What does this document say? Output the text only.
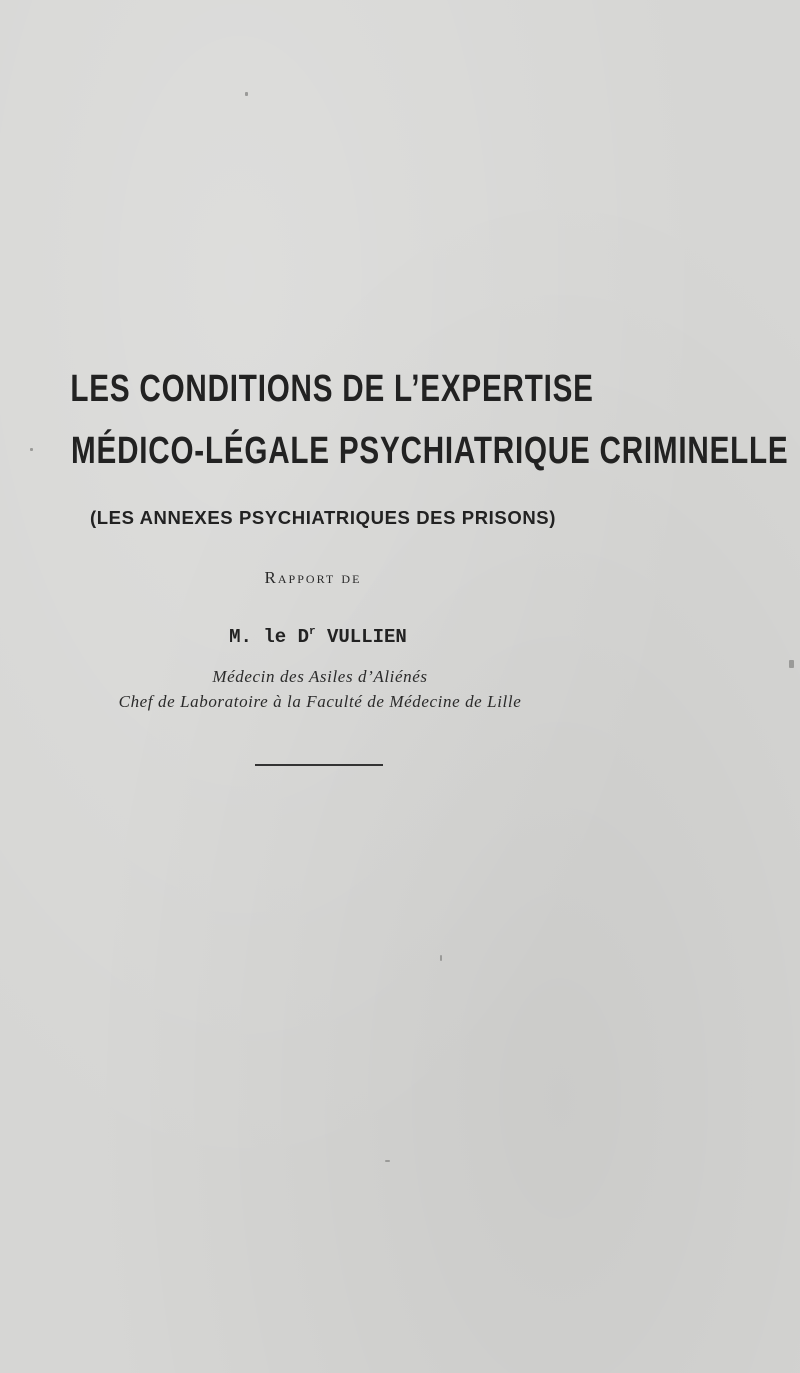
LES CONDITIONS DE L’EXPERTISE
MÉDICO-LÉGALE PSYCHIATRIQUE CRIMINELLE
(LES ANNEXES PSYCHIATRIQUES DES PRISONS)
Rapport de
M. le $D^r$ VULLIEN
Médecin des Asiles d’Aliénés
Chef de Laboratoire à la Faculté de Médecine de Lille
